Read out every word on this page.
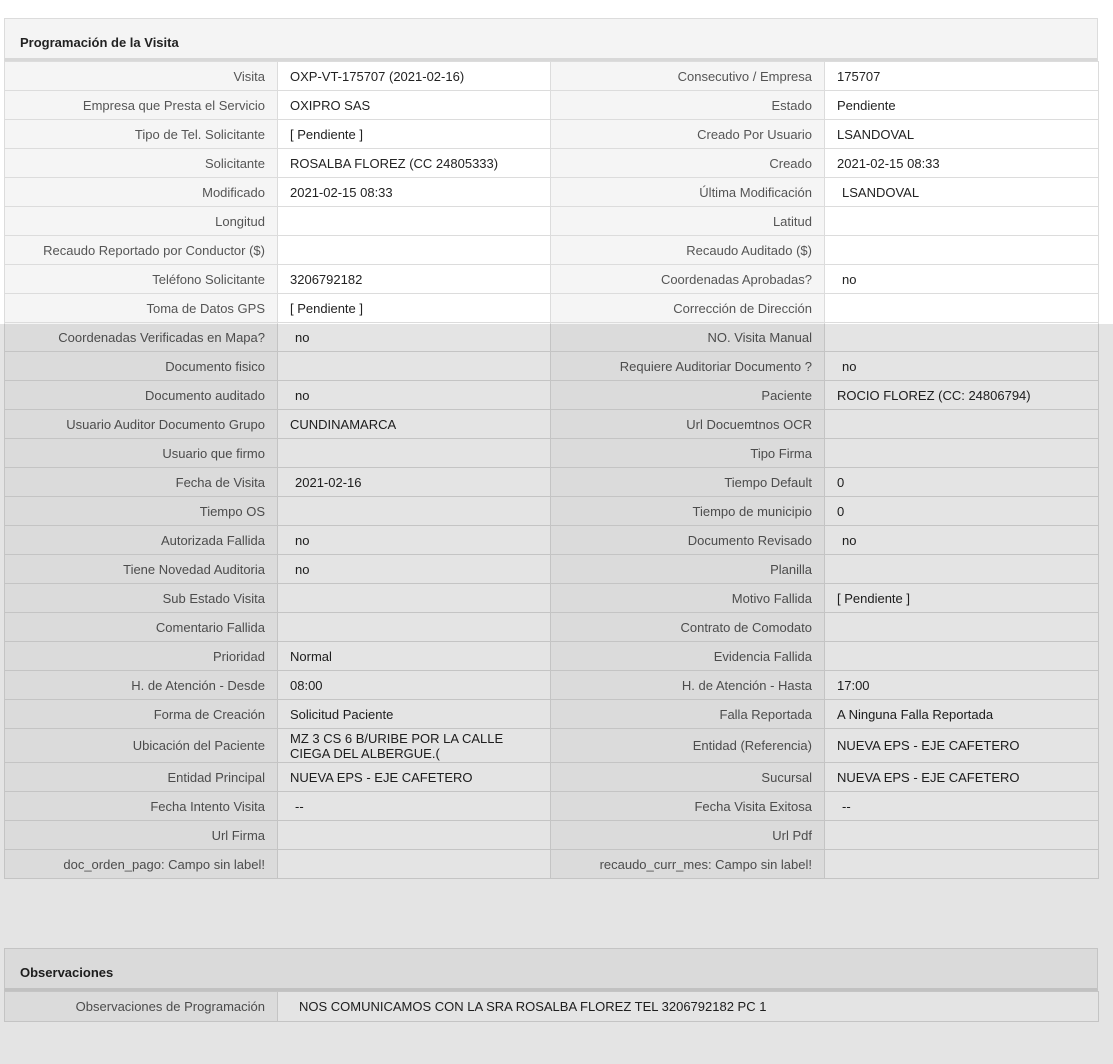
Programación de la Visita
Visita	OXP-VT-175707 (2021-02-16)	Consecutivo / Empresa	175707
Empresa que Presta el Servicio	OXIPRO SAS	Estado	Pendiente
Tipo de Tel. Solicitante	[ Pendiente ]	Creado Por Usuario	LSANDOVAL
Solicitante	ROSALBA FLOREZ (CC 24805333)	Creado	2021-02-15 08:33
Modificado	2021-02-15 08:33	Última Modificación	LSANDOVAL
Longitud		Latitud	
Recaudo Reportado por Conductor ($)		Recaudo Auditado ($)	
Teléfono Solicitante	3206792182	Coordenadas Aprobadas?	no
Toma de Datos GPS	[ Pendiente ]	Corrección de Dirección	
Coordenadas Verificadas en Mapa?	no	NO. Visita Manual	
Documento fisico		Requiere Auditoriar Documento ?	no
Documento auditado	no	Paciente	ROCIO FLOREZ (CC: 24806794)
Usuario Auditor Documento Grupo	CUNDINAMARCA	Url Docuemtnos OCR	
Usuario que firmo		Tipo Firma	
Fecha de Visita	2021-02-16	Tiempo Default	0
Tiempo OS		Tiempo de municipio	0
Autorizada Fallida	no	Documento Revisado	no
Tiene Novedad Auditoria	no	Planilla	
Sub Estado Visita		Motivo Fallida	[ Pendiente ]
Comentario Fallida		Contrato de Comodato	
Prioridad	Normal	Evidencia Fallida	
H. de Atención - Desde	08:00	H. de Atención - Hasta	17:00
Forma de Creación	Solicitud Paciente	Falla Reportada	A Ninguna Falla Reportada
Ubicación del Paciente	MZ 3 CS 6 B/URIBE POR LA CALLE CIEGA DEL ALBERGUE.(	Entidad (Referencia)	NUEVA EPS - EJE CAFETERO
Entidad Principal	NUEVA EPS - EJE CAFETERO	Sucursal	NUEVA EPS - EJE CAFETERO
Fecha Intento Visita	--	Fecha Visita Exitosa	--
Url Firma		Url Pdf	
doc_orden_pago: Campo sin label!		recaudo_curr_mes: Campo sin label!	
Observaciones
Observaciones de Programación	NOS COMUNICAMOS CON LA SRA ROSALBA FLOREZ TEL 3206792182 PC 1
